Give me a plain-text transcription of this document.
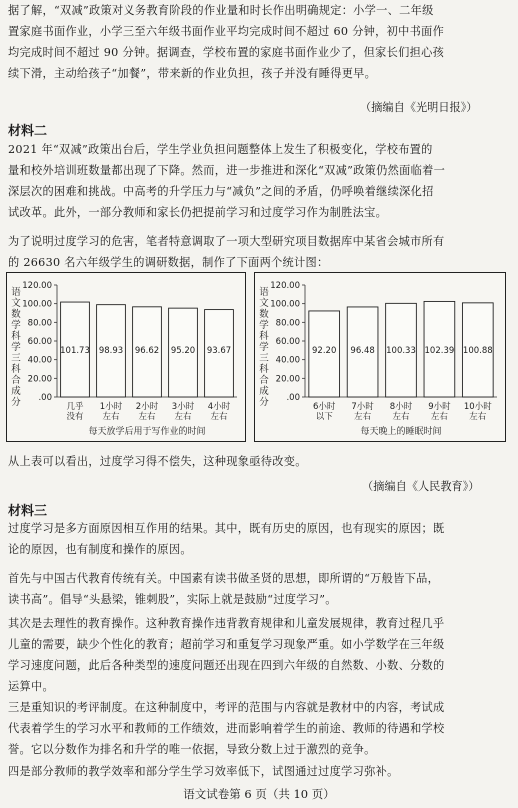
据了解，“双减”政策对义务教育阶段的作业量和时长作出明确规定：小学一、二年级
置家庭书面作业，小学三至六年级书面作业平均完成时间不超过 60 分钟，初中书面作
均完成时间不超过 90 分钟。据调查，学校布置的家庭书面作业少了，但家长们担心孩
续下滑，主动给孩子“加餐”，带来新的作业负担，孩子并没有睡得更早。
（摘编自《光明日报》）
材料二
2021 年“双减”政策出台后，学生学业负担问题整体上发生了积极变化，学校布置的
量和校外培训班数量都出现了下降。然而，进一步推进和深化“双减”政策仍然面临着一
深层次的困难和挑战。中高考的升学压力与“减负”之间的矛盾，仍呼唤着继续深化招
试改革。此外，一部分教师和家长仍把提前学习和过度学习作为制胜法宝。
为了说明过度学习的危害，笔者特意调取了一项大型研究项目数据库中某省会城市所有
的 26630 名六年级学生的调研数据，制作了下面两个统计图：
语
文
数
学
科
学
三
科
合
成
分
120.00
100.00
80.00
60.00
40.00
20.00
.00
101.73
几乎
没有
98.93
1小时
左右
96.62
2小时
左右
95.20
3小时
左右
93.67
4小时
左右
每天放学后用于写作业的时间
语
文
数
学
科
学
三
科
合
成
分
120.00
100.00
80.00
60.00
40.00
20.00
.00
92.20
6小时
以下
96.48
7小时
左右
100.33
8小时
左右
102.39
9小时
左右
100.88
10小时
左右
每天晚上的睡眠时间
从上表可以看出，过度学习得不偿失，这种现象亟待改变。
（摘编自《人民教育》）
材料三
过度学习是多方面原因相互作用的结果。其中，既有历史的原因，也有现实的原因；既
论的原因，也有制度和操作的原因。
首先与中国古代教育传统有关。中国素有读书做圣贤的思想，即所谓的“万般皆下品，
读书高”。倡导“头悬梁，锥刺股”，实际上就是鼓励“过度学习”。
其次是去理性的教育操作。这种教育操作违背教育规律和儿童发展规律，教育过程几乎
儿童的需要，缺少个性化的教育；超前学习和重复学习现象严重。如小学数学在三年级
学习速度问题，此后各种类型的速度问题还出现在四到六年级的自然数、小数、分数的
运算中。
三是重知识的考评制度。在这种制度中，考评的范围与内容就是教材中的内容，考试成
代表着学生的学习水平和教师的工作绩效，进而影响着学生的前途、教师的待遇和学校
誉。它以分数作为排名和升学的唯一依据，导致分数上过于激烈的竞争。
四是部分教师的教学效率和部分学生学习效率低下，试图通过过度学习弥补。
语文试卷第 6 页（共 10 页）
